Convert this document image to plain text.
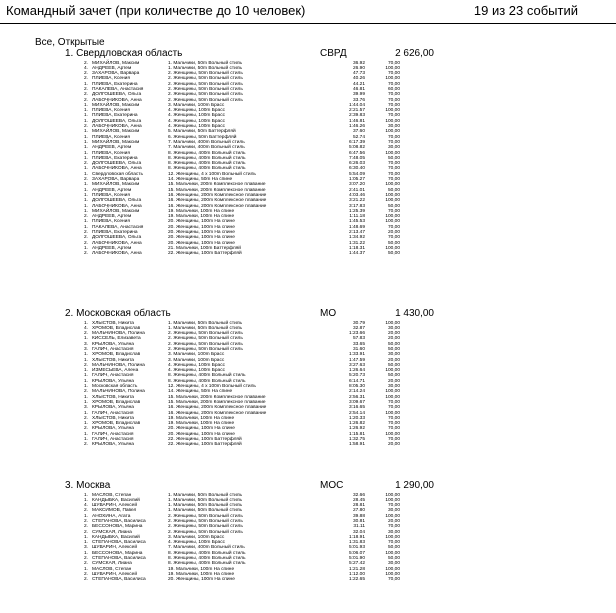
Командный зачет (при количестве до 10 человек)	19 из 23 событий
Все, Открытые
1. Свердловская область	СВРД	2 626,00
2. МИХАЙЛОВ, Максим	1. Мальчики, 50m Вольный стиль	36.92	70,00
4. АНДРЕЕВ, Артем	1. Мальчики, 50m Вольный стиль	26.90	100,00
2. ЗАХАРОВА, Варвара	2. Женщины, 50m Вольный стиль	47.73	70,00
2. ПЛИЕВА, Ксения	2. Женщины, 50m Вольный стиль	40.26	100,00
1. ПЛИЕВА, Екатерина	2. Женщины, 50m Вольный стиль	44.21	70,00
2. ПАКАЛЕВА, Анастасия	2. Женщины, 50m Вольный стиль	46.81	60,00
2. ДОЛГОШЕЕВА, Ольга	2. Женщины, 50m Вольный стиль	39.99	70,00
2. ЛАБОЧНИКОВА, Анна	2. Женщины, 50m Вольный стиль	33.76	70,00
1. МИХАЙЛОВ, Максим	3. Мальчики, 100m Брасс	1:44.04	70,00
1. ПЛИЕВА, Ксения	4. Женщины, 100m Брасс	2:21.57	100,00
1. ПЛИЕВА, Екатерина	4. Женщины, 100m Брасс	2:39.83	70,00
1. ДОЛГОШЕЕВА, Ольга	4. Женщины, 100m Брасс	1:46.81	100,00
2. ЛАБОЧНИКОВА, Анна	4. Женщины, 100m Брасс	1:46.26	30,00
1. МИХАЙЛОВ, Максим	5. Мальчики, 50m Баттерфляй	37.60	100,00
1. ПЛИЕВА, Ксения	6. Женщины, 50m Баттерфляй	52.74	70,00
1. МИХАЙЛОВ, Максим	7. Мальчики, 400m Вольный стиль	6:17.39	70,00
1. АНДРЕЕВ, Артем	7. Мальчики, 400m Вольный стиль	5:08.82	30,00
1. ПЛИЕВА, Ксения	8. Женщины, 400m Вольный стиль	6:47.56	100,00
1. ПЛИЕВА, Екатерина	8. Женщины, 400m Вольный стиль	7:48.05	50,00
2. ДОЛГОШЕЕВА, Ольга	8. Женщины, 400m Вольный стиль	6:26.03	70,00
1. ЛАБОЧНИКОВА, Анна	8. Женщины, 400m Вольный стиль	6:30.40	70,00
1. Свердловская область	12. Женщины, 4 x 100m Вольный стиль	5:54.09	70,00
2. ЗАХАРОВА, Варвара	14. Женщины, 50m На спине	1:05.27	70,00
1. МИХАЙЛОВ, Максим	15. Мальчики, 200m Комплексное плавание	3:07.20	100,00
1. АНДРЕЕВ, Артем	15. Мальчики, 200m Комплексное плавание	2:41.01	50,00
1. ПЛИЕВА, Ксения	16. Женщины, 200m Комплексное плавание	4:03.46	100,00
1. ДОЛГОШЕЕВА, Ольга	16. Женщины, 200m Комплексное плавание	3:21.22	100,00
1. ЛАБОЧНИКОВА, Анна	16. Женщины, 200m Комплексное плавание	3:17.83	50,00
1. МИХАЙЛОВ, Максим	19. Мальчики, 100m На спине	1:25.39	70,00
2. АНДРЕЕВ, Артем	19. Мальчики, 100m На спине	1:11.18	100,00
1. ПЛИЕВА, Ксения	20. Женщины, 100m На спине	1:45.53	100,00
1. ПАКАЛЕВА, Анастасия	20. Женщины, 100m На спине	1:48.69	70,00
2. ПЛИЕВА, Екатерина	20. Женщины, 100m На спине	2:13.47	20,00
2. ДОЛГОШЕЕВА, Ольга	20. Женщины, 100m На спине	1:34.92	70,00
2. ЛАБОЧНИКОВА, Анна	20. Женщины, 100m На спине	1:31.22	50,00
1. АНДРЕЕВ, Артем	21. Мальчики, 100m Баттерфляй	1:18.31	100,00
2. ЛАБОЧНИКОВА, Анна	22. Женщины, 100m Баттерфляй	1:44.37	50,00
2. Московская область	МО	1 430,00
1. ХЛЫСТОВ, Никита	1. Мальчики, 50m Вольный стиль	30.79	100,00
4. ХРОМОВ, Владислав	1. Мальчики, 50m Вольный стиль	32.87	30,00
2. МАЛЬЧИНОВА, Полина	2. Женщины, 50m Вольный стиль	1:23.66	20,00
1. КИССЕЛЬ, Елизавета	2. Женщины, 50m Вольный стиль	57.83	20,00
3. КРЫЛОВА, Ульяна	2. Женщины, 50m Вольный стиль	33.65	50,00
3. ГАЛИЧ, Анастасия	2. Женщины, 50m Вольный стиль	31.60	50,00
1. ХРОМОВ, Владислав	3. Мальчики, 100m Брасс	1:33.91	30,00
1. ХЛЫСТОВ, Никита	3. Мальчики, 100m Брасс	1:47.59	20,00
2. МАЛЬЧИНОВА, Полина	4. Женщины, 100m Брасс	3:27.63	50,00
1. ИЗМЕСЬЕВА, Алена	4. Женщины, 100m Брасс	1:26.64	100,00
1. ГАЛИЧ, Анастасия	8. Женщины, 400m Вольный стиль	5:20.73	50,00
1. КРЫЛОВА, Ульяна	8. Женщины, 400m Вольный стиль	6:14.71	20,00
1. Московская область	12. Женщины, 4 x 100m Вольный стиль	8:05.30	30,00
2. МАЛЬЧИНОВА, Полина	14. Женщины, 50m На спине	2:14.24	100,00
1. ХЛЫСТОВ, Никита	15. Мальчики, 200m Комплексное плавание	2:56.31	100,00
1. ХРОМОВ, Владислав	15. Мальчики, 200m Комплексное плавание	3:09.67	70,00
3. КРЫЛОВА, Ульяна	16. Женщины, 200m Комплексное плавание	3:16.65	70,00
1. ГАЛИЧ, Анастасия	16. Женщины, 200m Комплексное плавание	2:54.14	100,00
2. ХЛЫСТОВ, Никита	19. Мальчики, 100m На спине	1:20.33	70,00
1. ХРОМОВ, Владислав	19. Мальчики, 100m На спине	1:26.82	70,00
2. КРЫЛОВА, Ульяна	20. Женщины, 100m На спине	1:26.92	70,00
1. ГАЛИЧ, Анастасия	20. Женщины, 100m На спине	1:15.81	100,00
1. ГАЛИЧ, Анастасия	22. Женщины, 100m Баттерфляй	1:32.75	70,00
2. КРЫЛОВА, Ульяна	22. Женщины, 100m Баттерфляй	1:58.91	20,00
3. Москва	МОС	1 290,00
1. МАСЛОВ, Степан	1. Мальчики, 50m Вольный стиль	32.66	100,00
1. КАНДЫБКА, Василий	1. Мальчики, 50m Вольный стиль	28.45	100,00
4. ШУВАРИН, Алексей	1. Мальчики, 50m Вольный стиль	28.81	70,00
2. МАКСИМОВ, Павел	1. Мальчики, 50m Вольный стиль	27.80	30,00
1. АНОХИНА, Агата	2. Женщины, 50m Вольный стиль	39.88	100,00
2. СТЕПАНОВА, Василиса	2. Женщины, 50m Вольный стиль	30.81	20,00
2. БЕССОНОВА, Марина	2. Женщины, 50m Вольный стиль	31.11	70,00
2. СУМСКАЯ, Лиана	2. Женщины, 50m Вольный стиль	32.04	30,00
1. КАНДЫБКА, Василий	3. Мальчики, 100m Брасс	1:18.91	100,00
1. СТЕПАНОВА, Василиса	4. Женщины, 100m Брасс	1:31.83	70,00
3. ШУВАРИН, Алексей	7. Мальчики, 400m Вольный стиль	5:01.93	50,00
1. БЕССОНОВА, Марина	8. Женщины, 400m Вольный стиль	5:06.07	100,00
2. СТЕПАНОВА, Василиса	8. Женщины, 400m Вольный стиль	5:01.90	50,00
2. СУМСКАЯ, Лиана	8. Женщины, 400m Вольный стиль	5:27.42	30,00
1. МАСЛОВ, Степан	19. Мальчики, 100m На спине	1:21.28	100,00
2. ШУВАРИН, Алексей	19. Мальчики, 100m На спине	1:12.00	100,00
2. СТЕПАНОВА, Василиса	20. Женщины, 100m На спине	1:22.65	70,00
